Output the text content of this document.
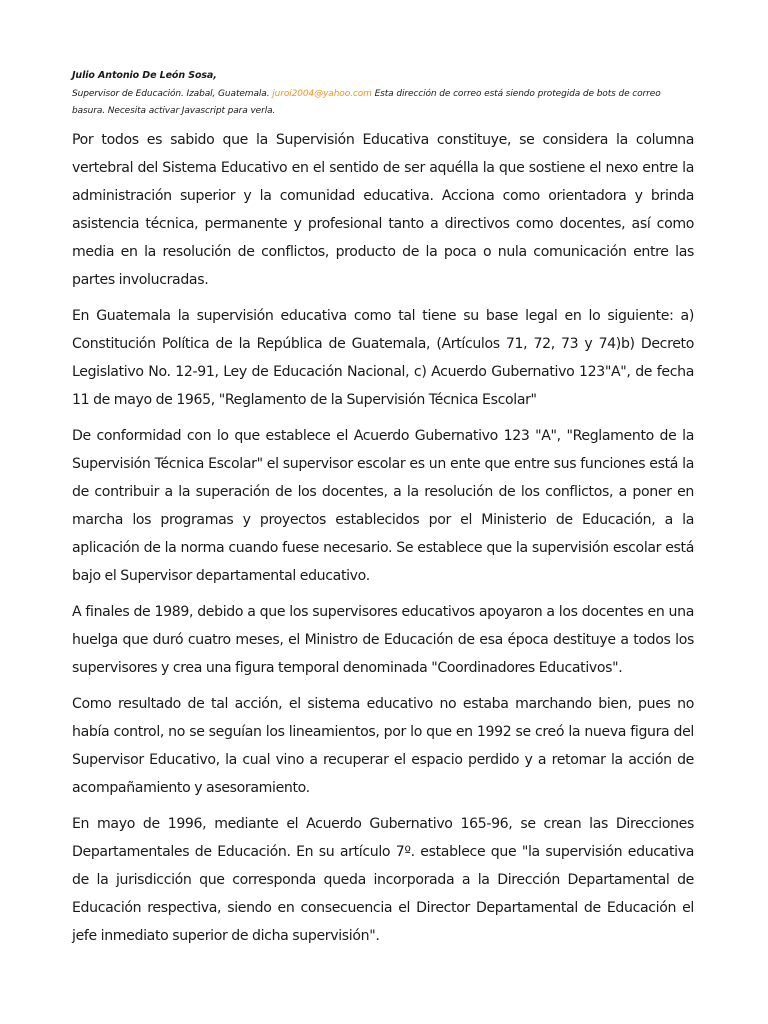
Julio Antonio De León Sosa,
Supervisor de Educación. Izabal, Guatemala. juroi2004@yahoo.com Esta dirección de correo está siendo protegida de bots de correo basura. Necesita activar Javascript para verla.

Por todos es sabido que la Supervisión Educativa constituye, se considera la columna vertebral del Sistema Educativo en el sentido de ser aquélla la que sostiene el nexo entre la administración superior y la comunidad educativa. Acciona como orientadora y brinda asistencia técnica, permanente y profesional tanto a directivos como docentes, así como media en la resolución de conflictos, producto de la poca o nula comunicación entre las partes involucradas.

En Guatemala la supervisión educativa como tal tiene su base legal en lo siguiente: a) Constitución Política de la República de Guatemala, (Artículos 71, 72, 73 y 74)b) Decreto Legislativo No. 12-91, Ley de Educación Nacional, c) Acuerdo Gubernativo 123"A", de fecha 11 de mayo de 1965, "Reglamento de la Supervisión Técnica Escolar"

De conformidad con lo que establece el Acuerdo Gubernativo 123 "A", "Reglamento de la Supervisión Técnica Escolar" el supervisor escolar es un ente que entre sus funciones está la de contribuir a la superación de los docentes, a la resolución de los conflictos, a poner en marcha los programas y proyectos establecidos por el Ministerio de Educación, a la aplicación de la norma cuando fuese necesario. Se establece que la supervisión escolar está bajo el Supervisor departamental educativo.

A finales de 1989, debido a que los supervisores educativos apoyaron a los docentes en una huelga que duró cuatro meses, el Ministro de Educación de esa época destituye a todos los supervisores y crea una figura temporal denominada "Coordinadores Educativos".

Como resultado de tal acción, el sistema educativo no estaba marchando bien, pues no había control, no se seguían los lineamientos, por lo que en 1992 se creó la nueva figura del Supervisor Educativo, la cual vino a recuperar el espacio perdido y a retomar la acción de acompañamiento y asesoramiento.

En mayo de 1996, mediante el Acuerdo Gubernativo 165-96, se crean las Direcciones Departamentales de Educación. En su artículo 7º. establece que "la supervisión educativa de la jurisdicción que corresponda queda incorporada a la Dirección Departamental de Educación respectiva, siendo en consecuencia el Director Departamental de Educación el jefe inmediato superior de dicha supervisión".
